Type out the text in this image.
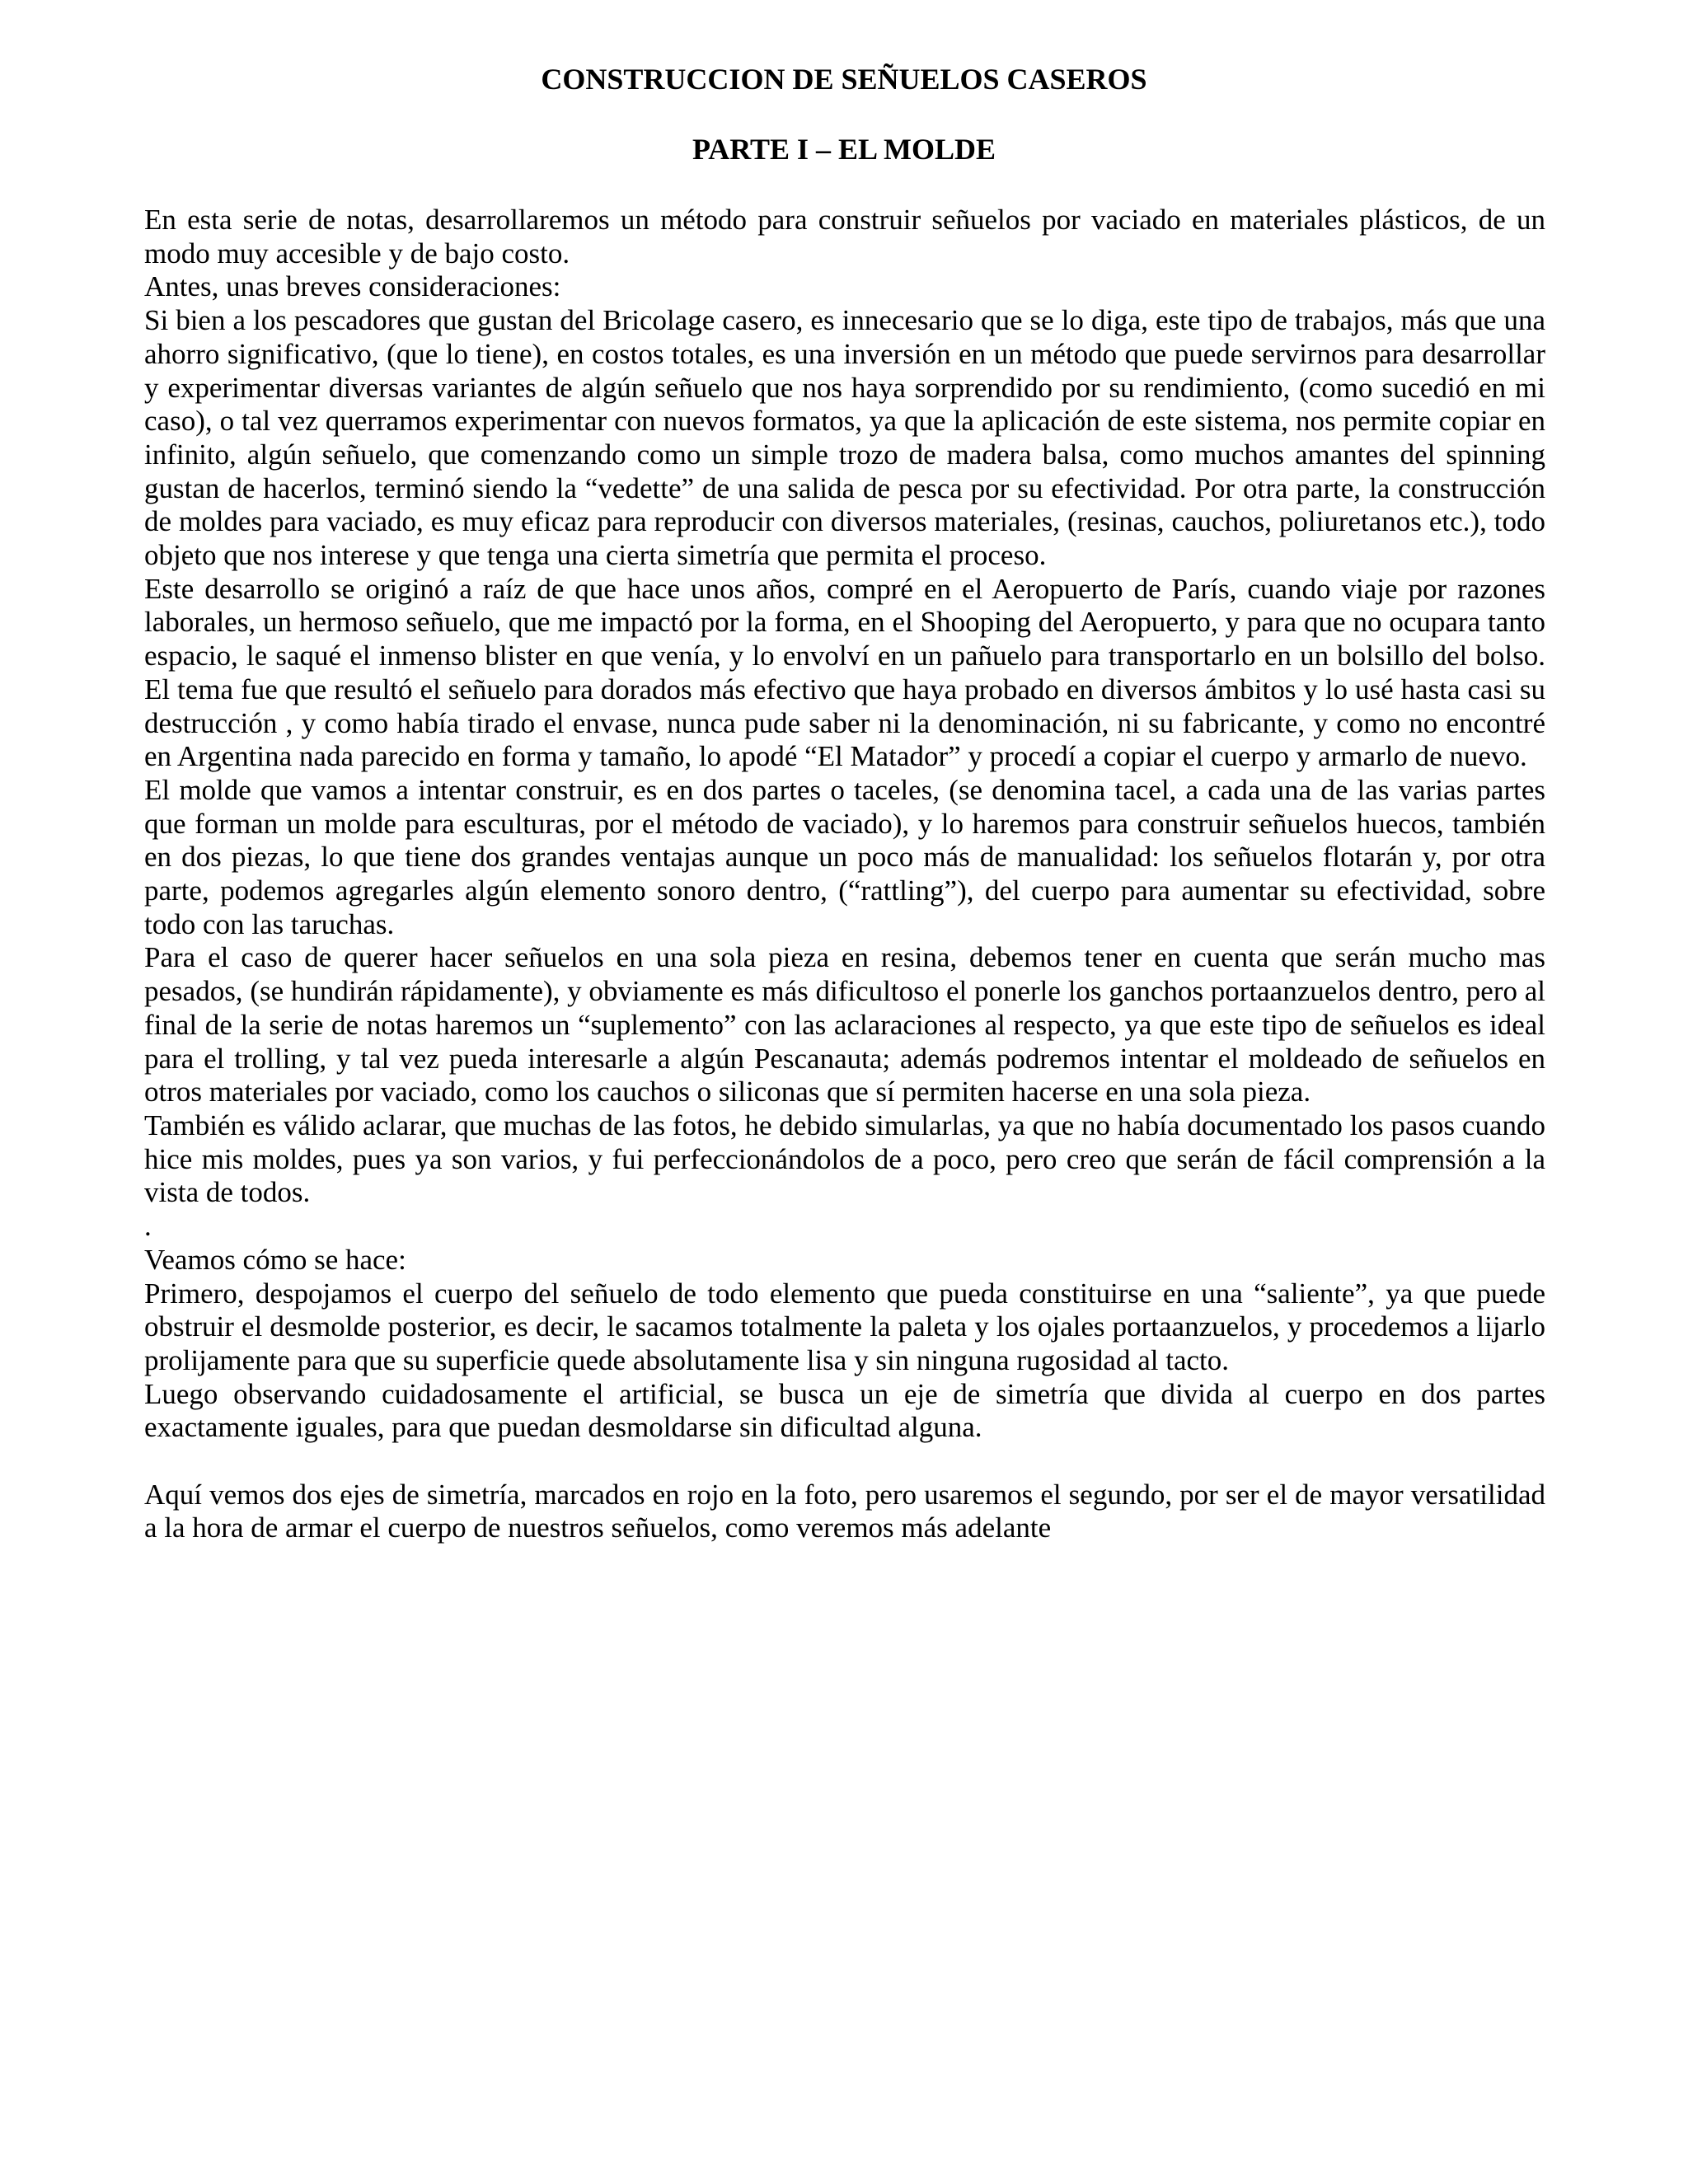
CONSTRUCCION DE SEÑUELOS CASEROS
PARTE I – EL MOLDE

En esta serie de notas, desarrollaremos un método para construir señuelos por vaciado en materiales plásticos, de un modo muy accesible y de bajo costo.

Antes, unas breves consideraciones:

Si bien a los pescadores que gustan del Bricolage casero, es innecesario que se lo diga, este tipo de trabajos, más que una ahorro significativo, (que lo tiene), en costos totales, es una inversión en un método que puede servirnos para desarrollar y experimentar diversas variantes de algún señuelo que nos haya sorprendido por su rendimiento, (como sucedió en mi caso), o tal vez querramos experimentar con nuevos formatos, ya que la aplicación de este sistema, nos permite copiar en infinito, algún señuelo, que comenzando como un simple trozo de madera balsa, como muchos amantes del spinning gustan de hacerlos, terminó siendo la “vedette” de una salida de pesca por su efectividad. Por otra parte, la construcción de moldes para vaciado, es muy eficaz para reproducir con diversos materiales, (resinas, cauchos, poliuretanos etc.), todo objeto que nos interese y que tenga una cierta simetría que permita el proceso.

Este desarrollo se originó a raíz de que hace unos años, compré en el Aeropuerto de París, cuando viaje por razones laborales, un hermoso señuelo, que me impactó por la forma, en el Shooping del Aeropuerto, y para que no ocupara tanto espacio, le saqué el inmenso blister en que venía, y lo envolví en un pañuelo para transportarlo en un bolsillo del bolso. El tema fue que resultó el señuelo para dorados más efectivo que haya probado en diversos ámbitos y lo usé hasta casi su destrucción , y como había tirado el envase, nunca pude saber ni la denominación, ni su fabricante, y como no encontré en Argentina nada parecido en forma y tamaño, lo apodé “El Matador” y procedí a copiar el cuerpo y armarlo de nuevo.

El molde que vamos a intentar construir, es en dos partes o taceles, (se denomina tacel, a cada una de las varias partes que forman un molde para esculturas, por el método de vaciado), y lo haremos para construir señuelos huecos, también en dos piezas, lo que tiene dos grandes ventajas aunque un poco más de manualidad: los señuelos flotarán y, por otra parte, podemos agregarles algún elemento sonoro dentro, (“rattling”), del cuerpo para aumentar su efectividad, sobre todo con las taruchas.

Para el caso de querer hacer señuelos en una sola pieza en resina, debemos tener en cuenta que serán mucho mas pesados, (se hundirán rápidamente), y obviamente es más dificultoso el ponerle los ganchos portaanzuelos dentro, pero al final de la serie de notas haremos un “suplemento” con las aclaraciones al respecto, ya que este tipo de señuelos es ideal para el trolling, y tal vez pueda interesarle a algún Pescanauta; además podremos intentar el moldeado de señuelos en otros materiales por vaciado, como los cauchos o siliconas que sí permiten hacerse en una sola pieza.

También es válido aclarar, que muchas de las fotos, he debido simularlas, ya que no había documentado los pasos cuando hice mis moldes, pues ya son varios, y fui perfeccionándolos de a poco, pero creo que serán de fácil comprensión a la vista de todos.

.

Veamos cómo se hace:

Primero, despojamos el cuerpo del señuelo de todo elemento que pueda constituirse en una “saliente”, ya que puede obstruir el desmolde posterior, es decir, le sacamos totalmente la paleta y los ojales portaanzuelos, y procedemos a lijarlo prolijamente para que su superficie quede absolutamente lisa y sin ninguna rugosidad al tacto.

Luego observando cuidadosamente el artificial, se busca un eje de simetría que divida al cuerpo en dos partes exactamente iguales, para que puedan desmoldarse sin dificultad alguna.

Aquí vemos dos ejes de simetría, marcados en rojo en la foto, pero usaremos el segundo, por ser el de mayor versatilidad a la hora de armar el cuerpo de nuestros señuelos, como veremos más adelante
